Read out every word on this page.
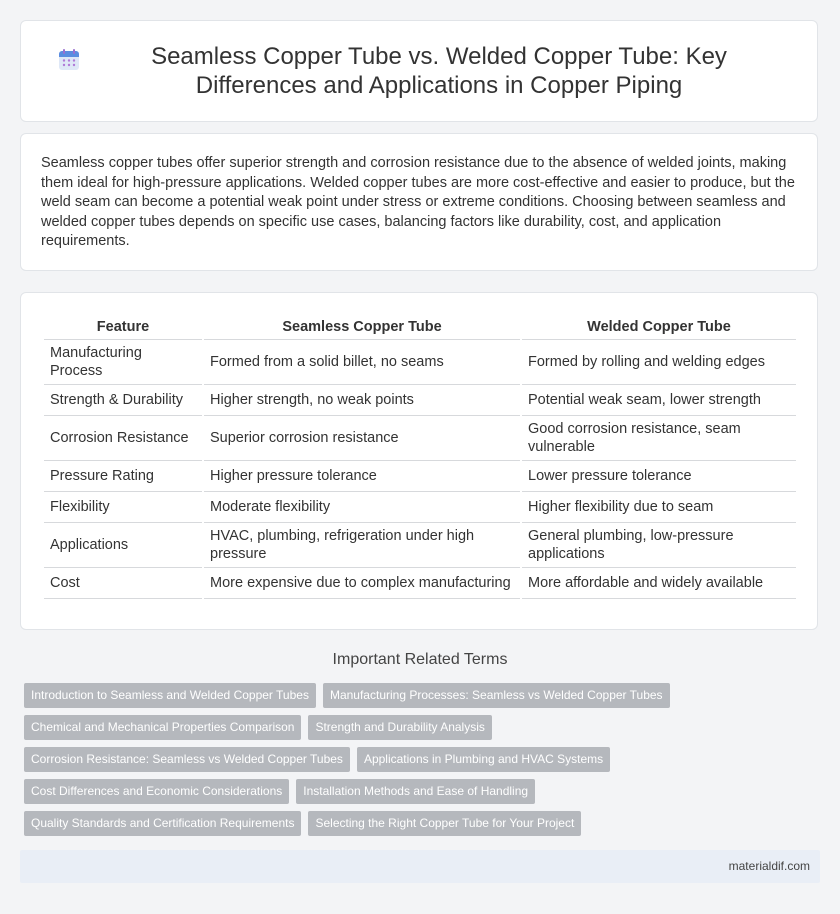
Seamless Copper Tube vs. Welded Copper Tube: Key Differences and Applications in Copper Piping

Seamless copper tubes offer superior strength and corrosion resistance due to the absence of welded joints, making them ideal for high-pressure applications. Welded copper tubes are more cost-effective and easier to produce, but the weld seam can become a potential weak point under stress or extreme conditions. Choosing between seamless and welded copper tubes depends on specific use cases, balancing factors like durability, cost, and application requirements.

Feature	Seamless Copper Tube	Welded Copper Tube
Manufacturing Process	Formed from a solid billet, no seams	Formed by rolling and welding edges
Strength & Durability	Higher strength, no weak points	Potential weak seam, lower strength
Corrosion Resistance	Superior corrosion resistance	Good corrosion resistance, seam vulnerable
Pressure Rating	Higher pressure tolerance	Lower pressure tolerance
Flexibility	Moderate flexibility	Higher flexibility due to seam
Applications	HVAC, plumbing, refrigeration under high pressure	General plumbing, low-pressure applications
Cost	More expensive due to complex manufacturing	More affordable and widely available
Important Related Terms
Introduction to Seamless and Welded Copper Tubes	Manufacturing Processes: Seamless vs Welded Copper Tubes
Chemical and Mechanical Properties Comparison	Strength and Durability Analysis
Corrosion Resistance: Seamless vs Welded Copper Tubes	Applications in Plumbing and HVAC Systems
Cost Differences and Economic Considerations	Installation Methods and Ease of Handling
Quality Standards and Certification Requirements	Selecting the Right Copper Tube for Your Project
materialdif.com
